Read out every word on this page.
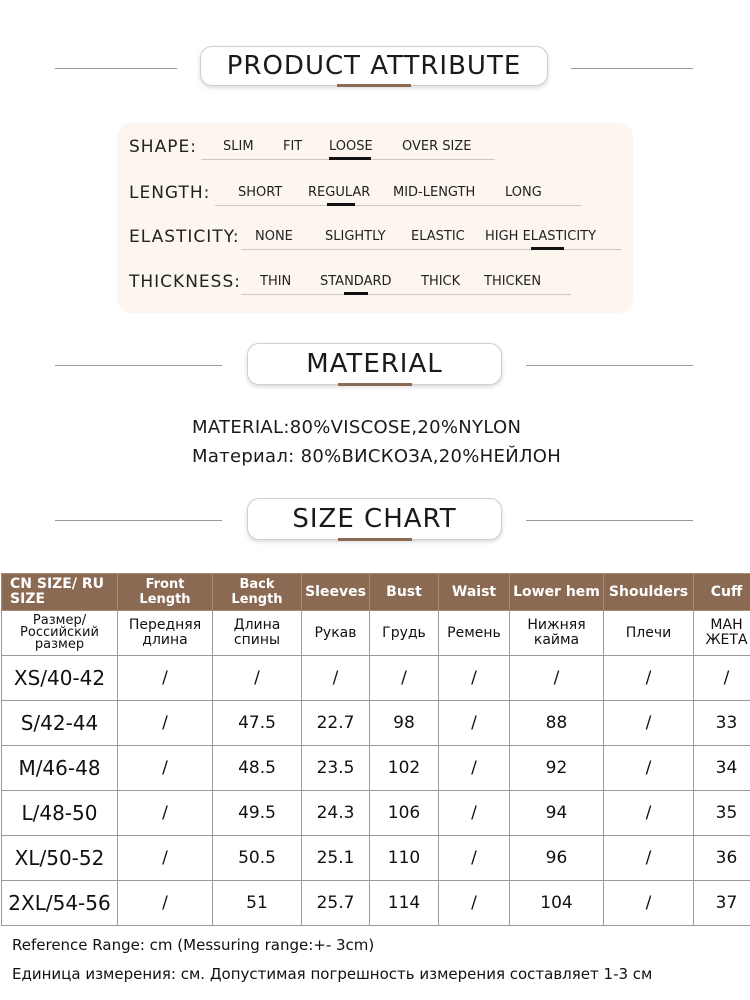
PRODUCT ATTRIBUTE
SHAPE: SLIM FIT LOOSE OVER SIZE
LENGTH: SHORT REGULAR MID-LENGTH LONG
ELASTICITY: NONE SLIGHTLY ELASTIC HIGH ELASTICITY
THICKNESS: THIN STANDARD THICK THICKEN
MATERIAL
MATERIAL:80%VISCOSE,20%NYLON
Материал: 80%ВИСКОЗА,20%НЕЙЛОН
SIZE CHART
CN SIZE/ RU SIZE	Front Length	Back Length	Sleeves	Bust	Waist	Lower hem	Shoulders	Cuff
Размер/ Российский размер	Передняя длина	Длина спины	Рукав	Грудь	Ремень	Нижняя кайма	Плечи	МАН ЖЕТА
XS/40-42	/	/	/	/	/	/	/	/
S/42-44	/	47.5	22.7	98	/	88	/	33
M/46-48	/	48.5	23.5	102	/	92	/	34
L/48-50	/	49.5	24.3	106	/	94	/	35
XL/50-52	/	50.5	25.1	110	/	96	/	36
2XL/54-56	/	51	25.7	114	/	104	/	37
Reference Range: cm (Messuring range:+- 3cm)
Единица измерения: см. Допустимая погрешность измерения составляет 1-3 см
